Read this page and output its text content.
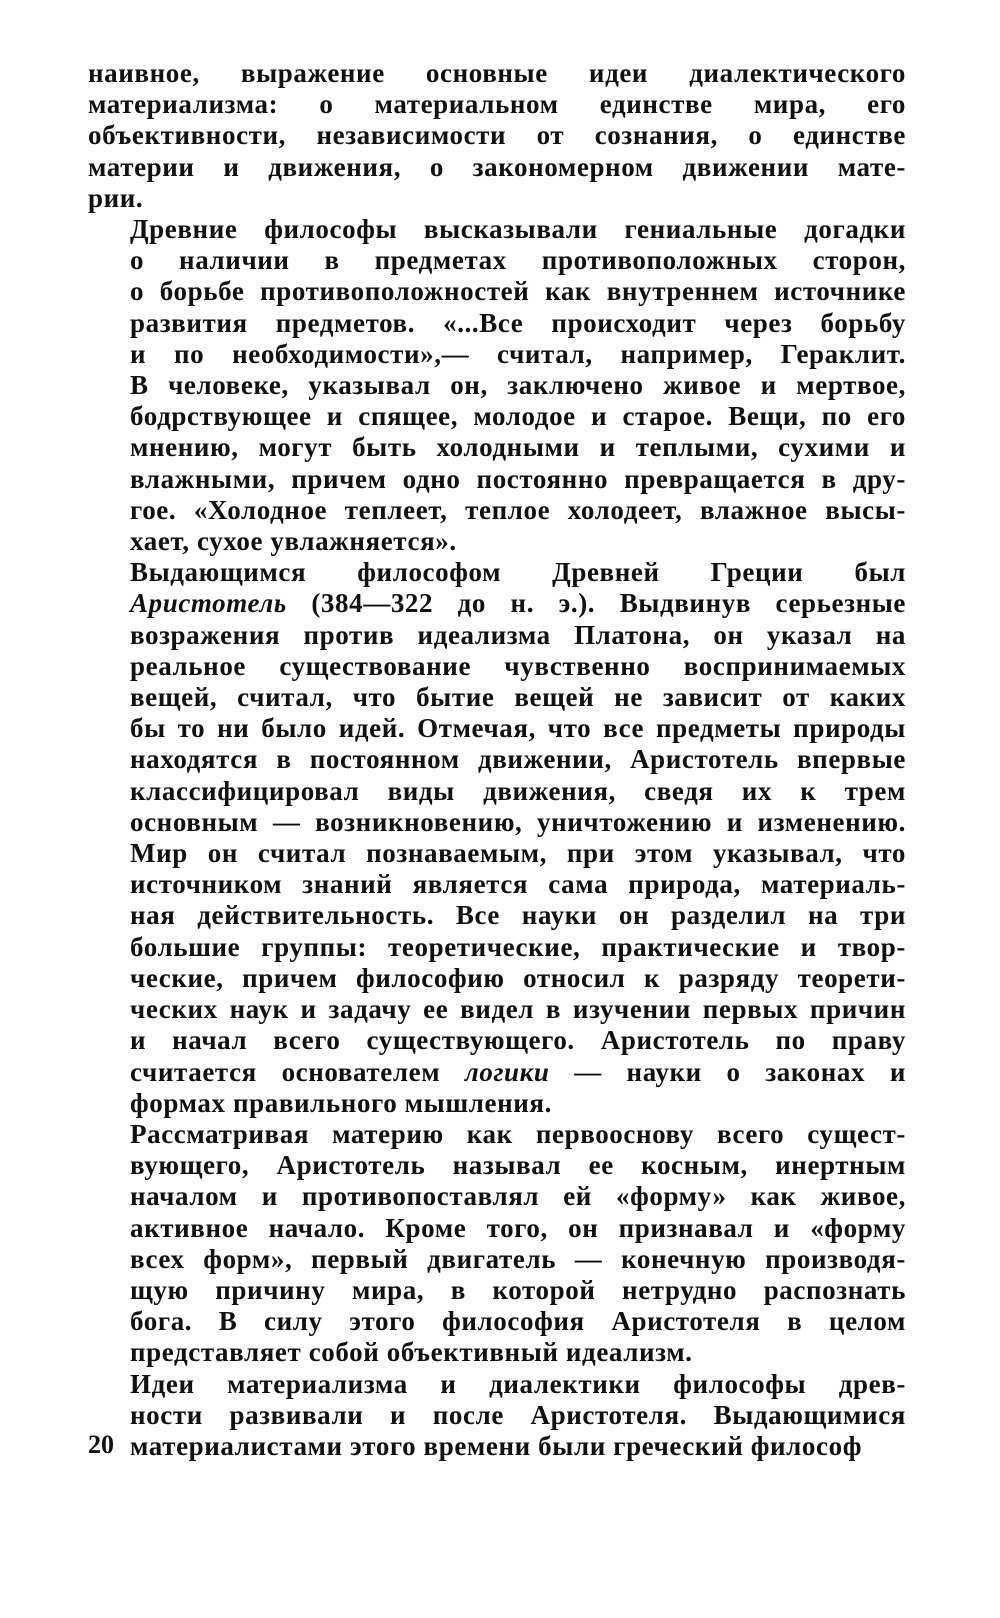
наивное, выражение основные идеи диалектического
материализма: о материальном единстве мира, его
объективности, независимости от сознания, о единстве
материи и движения, о закономерном движении мате-
рии.
Древние философы высказывали гениальные догадки
о наличии в предметах противоположных сторон,
о борьбе противоположностей как внутреннем источнике
развития предметов. «...Все происходит через борьбу
и по необходимости»,— считал, например, Гераклит.
В человеке, указывал он, заключено живое и мертвое,
бодрствующее и спящее, молодое и старое. Вещи, по его
мнению, могут быть холодными и теплыми, сухими и
влажными, причем одно постоянно превращается в дру-
гое. «Холодное теплеет, теплое холодеет, влажное высы-
хает, сухое увлажняется».
Выдающимся философом Древней Греции был
Аристотель (384—322 до н. э.). Выдвинув серьезные
возражения против идеализма Платона, он указал на
реальное существование чувственно воспринимаемых
вещей, считал, что бытие вещей не зависит от каких
бы то ни было идей. Отмечая, что все предметы природы
находятся в постоянном движении, Аристотель впервые
классифицировал виды движения, сведя их к трем
основным — возникновению, уничтожению и изменению.
Мир он считал познаваемым, при этом указывал, что
источником знаний является сама природа, материаль-
ная действительность. Все науки он разделил на три
большие группы: теоретические, практические и твор-
ческие, причем философию относил к разряду теорети-
ческих наук и задачу ее видел в изучении первых причин
и начал всего существующего. Аристотель по праву
считается основателем логики — науки о законах и
формах правильного мышления.
Рассматривая материю как первооснову всего сущест-
вующего, Аристотель называл ее косным, инертным
началом и противопоставлял ей «форму» как живое,
активное начало. Кроме того, он признавал и «форму
всех форм», первый двигатель — конечную производя-
щую причину мира, в которой нетрудно распознать
бога. В силу этого философия Аристотеля в целом
представляет собой объективный идеализм.
Идеи материализма и диалектики философы древ-
ности развивали и после Аристотеля. Выдающимися
материалистами этого времени были греческий философ
20
